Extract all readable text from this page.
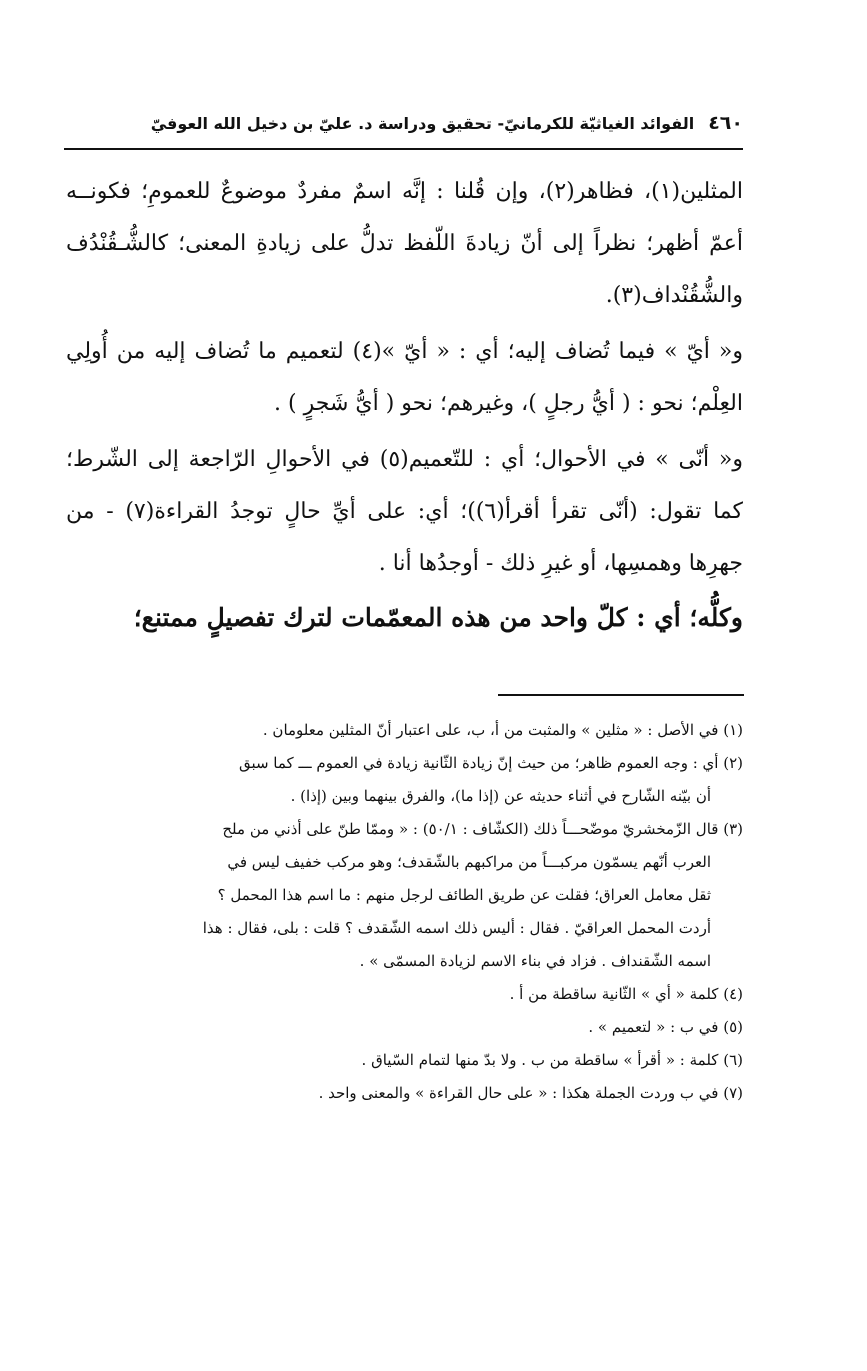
٤٦٠
الفوائد الغياثيّة للكرمانيّ- تحقيق ودراسة د. عليّ بن دخيل الله العوفيّ

المثلين(١)، فظاهر(٢)، وإن قُلنا : إنَّه اسمٌ مفردٌ موضوعٌ للعمومِ؛ فكونــه أعمّ أظهر؛ نظراً إلى أنّ زيادةَ اللّفظ تدلُّ على زيادةِ المعنى؛ كالشُّـقُنْدُف والشُّقُنْداف(٣).

و« أيّ » فيما تُضاف إليه؛ أي : « أيّ »(٤) لتعميم ما تُضاف إليه من أُولِي العِلْم؛ نحو : ( أيُّ رجلٍ )، وغيرهم؛ نحو ( أيُّ شَجرٍ ) .

و« أنّى » في الأحوال؛ أي : للتّعميم(٥) في الأحوالِ الرّاجعة إلى الشّرط؛ كما تقول: (أنّى تقرأ أقرأ(٦))؛ أي: على أيِّ حالٍ توجدُ القراءة(٧) - من جهرِها وهمسِها، أو غيرِ ذلك - أوجدُها أنا .

وكلُّه؛ أي : كلّ واحد من هذه المعمّمات لترك تفصيلٍ ممتنع؛

(١) في الأصل : « مثلين » والمثبت من أ، ب، على اعتبار أنّ المثلين معلومان .

(٢) أي : وجه العموم ظاهر؛ من حيث إنّ زيادة الثّانية زيادة في العموم ـــ كما سبق

أن بيّنه الشّارح في أثناء حديثه عن (إذا ما)، والفرق بينهما وبين (إذا) .

(٣) قال الزّمخشريّ موضّحـــاً ذلك (الكشّاف : ٥٠/١) : « وممّا طنّ على أذني من ملح

العرب أنّهم يسمّون مركبـــاً من مراكبهم بالشّقدف؛ وهو مركب خفيف ليس في

ثقل معامل العراق؛ فقلت عن طريق الطائف لرجل منهم : ما اسم هذا المحمل ؟

أردت المحمل العراقيّ . فقال : أليس ذلك اسمه الشّقدف ؟ قلت : بلى، فقال : هذا

اسمه الشّقنداف . فزاد في بناء الاسم لزيادة المسمّى » .

(٤) كلمة « أي » الثّانية ساقطة من أ .

(٥) في ب : « لتعميم » .

(٦) كلمة : « أقرأ » ساقطة من ب . ولا بدّ منها لتمام السّياق .

(٧) في ب وردت الجملة هكذا : « على حال القراءة » والمعنى واحد .
